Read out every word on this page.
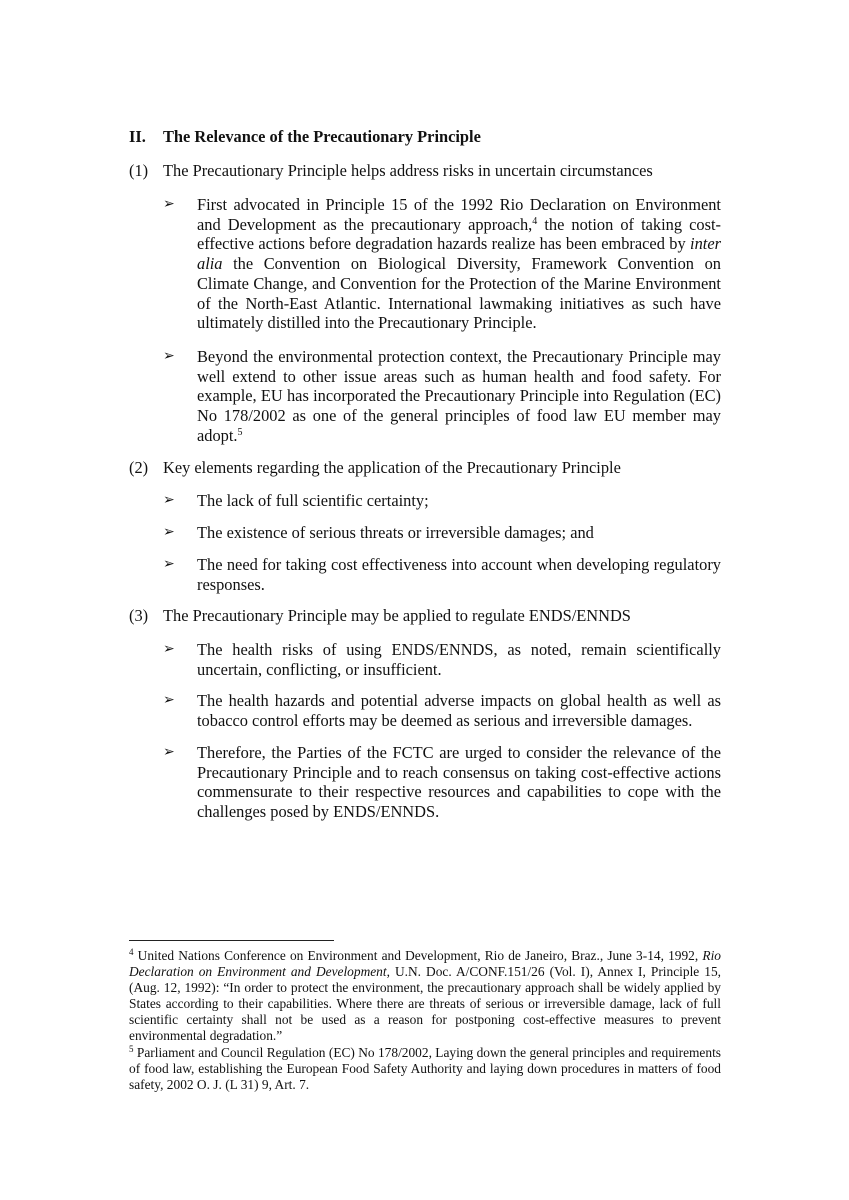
II. The Relevance of the Precautionary Principle
(1) The Precautionary Principle helps address risks in uncertain circumstances
➢	First advocated in Principle 15 of the 1992 Rio Declaration on Environment and Development as the precautionary approach,$^4$ the notion of taking cost-effective actions before degradation hazards realize has been embraced by inter alia the Convention on Biological Diversity, Framework Convention on Climate Change, and Convention for the Protection of the Marine Environment of the North-East Atlantic. International lawmaking initiatives as such have ultimately distilled into the Precautionary Principle.
➢	Beyond the environmental protection context, the Precautionary Principle may well extend to other issue areas such as human health and food safety. For example, EU has incorporated the Precautionary Principle into Regulation (EC) No 178/2002 as one of the general principles of food law EU member may adopt.$^5$
(2) Key elements regarding the application of the Precautionary Principle
➢	The lack of full scientific certainty;
➢	The existence of serious threats or irreversible damages; and
➢	The need for taking cost effectiveness into account when developing regulatory responses.
(3) The Precautionary Principle may be applied to regulate ENDS/ENNDS
➢	The health risks of using ENDS/ENNDS, as noted, remain scientifically uncertain, conflicting, or insufficient.
➢	The health hazards and potential adverse impacts on global health as well as tobacco control efforts may be deemed as serious and irreversible damages.
➢	Therefore, the Parties of the FCTC are urged to consider the relevance of the Precautionary Principle and to reach consensus on taking cost-effective actions commensurate to their respective resources and capabilities to cope with the challenges posed by ENDS/ENNDS.
$^4$ United Nations Conference on Environment and Development, Rio de Janeiro, Braz., June 3-14, 1992, Rio Declaration on Environment and Development, U.N. Doc. A/CONF.151/26 (Vol. I), Annex I, Principle 15, (Aug. 12, 1992): “In order to protect the environment, the precautionary approach shall be widely applied by States according to their capabilities. Where there are threats of serious or irreversible damage, lack of full scientific certainty shall not be used as a reason for postponing cost-effective measures to prevent environmental degradation.”
$^5$ Parliament and Council Regulation (EC) No 178/2002, Laying down the general principles and requirements of food law, establishing the European Food Safety Authority and laying down procedures in matters of food safety, 2002 O. J. (L 31) 9, Art. 7.
